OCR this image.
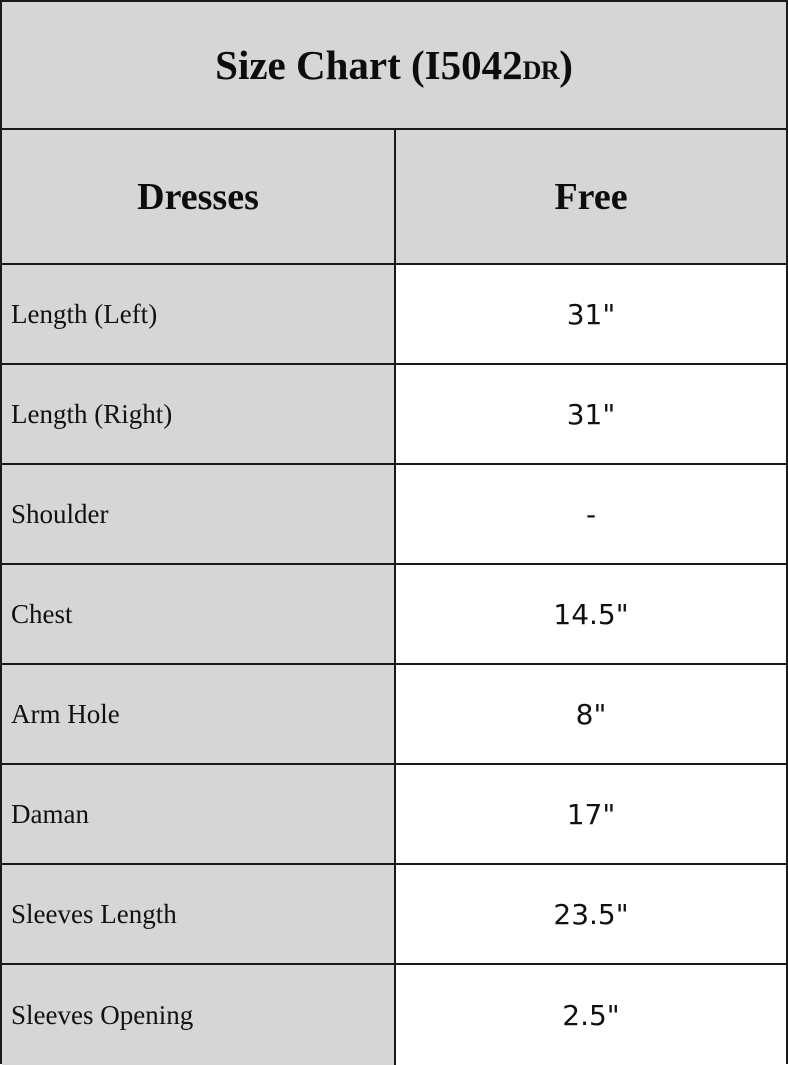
Size Chart (I5042DR)
Dresses	Free
Length (Left)	31"
Length (Right)	31"
Shoulder	-
Chest	14.5"
Arm Hole	8"
Daman	17"
Sleeves Length	23.5"
Sleeves Opening	2.5"
